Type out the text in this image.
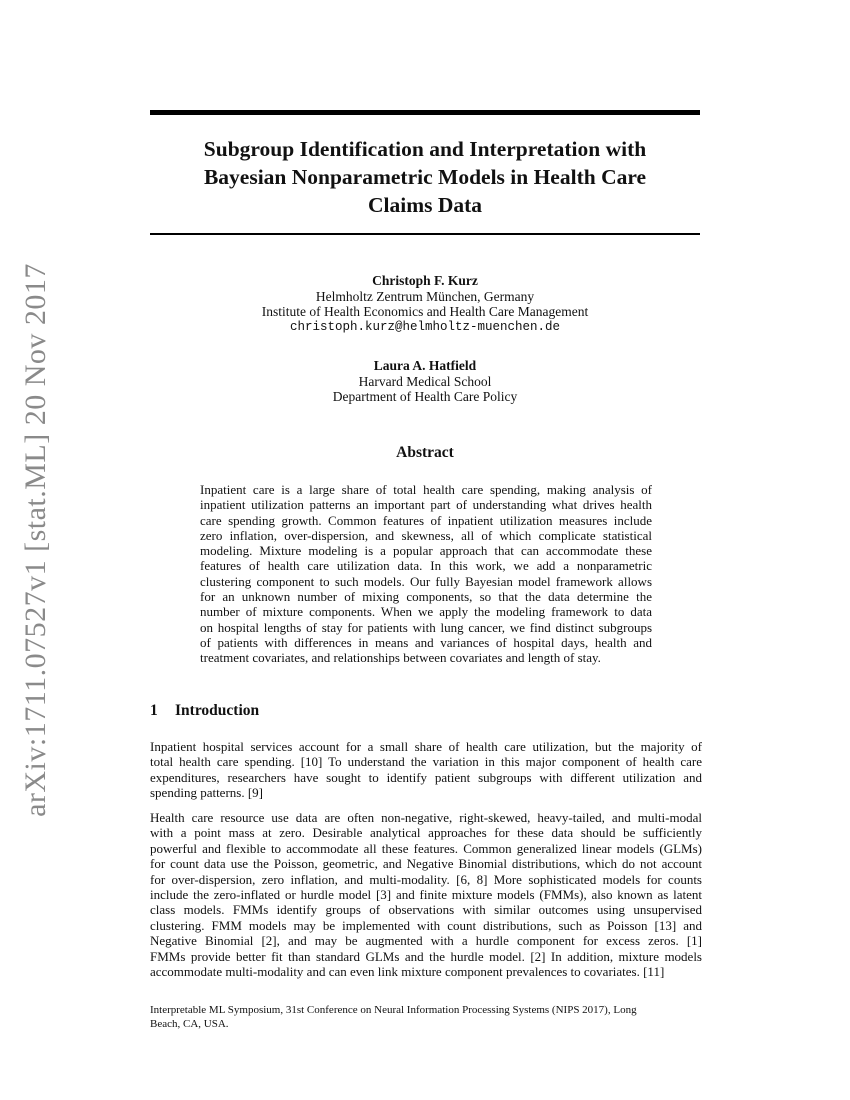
arXiv:1711.07527v1 [stat.ML] 20 Nov 2017
Subgroup Identification and Interpretation with
Bayesian Nonparametric Models in Health Care
Claims Data
Christoph F. Kurz
Helmholtz Zentrum München, Germany
Institute of Health Economics and Health Care Management
christoph.kurz@helmholtz-muenchen.de
Laura A. Hatfield
Harvard Medical School
Department of Health Care Policy
Abstract
Inpatient care is a large share of total health care spending, making analysis of
inpatient utilization patterns an important part of understanding what drives health
care spending growth. Common features of inpatient utilization measures include
zero inflation, over-dispersion, and skewness, all of which complicate statistical
modeling. Mixture modeling is a popular approach that can accommodate these
features of health care utilization data. In this work, we add a nonparametric
clustering component to such models. Our fully Bayesian model framework allows
for an unknown number of mixing components, so that the data determine the
number of mixture components. When we apply the modeling framework to data
on hospital lengths of stay for patients with lung cancer, we find distinct subgroups
of patients with differences in means and variances of hospital days, health and
treatment covariates, and relationships between covariates and length of stay.
1 Introduction
Inpatient hospital services account for a small share of health care utilization, but the majority of
total health care spending. [10] To understand the variation in this major component of health care
expenditures, researchers have sought to identify patient subgroups with different utilization and
spending patterns. [9]
Health care resource use data are often non-negative, right-skewed, heavy-tailed, and multi-modal
with a point mass at zero. Desirable analytical approaches for these data should be sufficiently
powerful and flexible to accommodate all these features. Common generalized linear models (GLMs)
for count data use the Poisson, geometric, and Negative Binomial distributions, which do not account
for over-dispersion, zero inflation, and multi-modality. [6, 8] More sophisticated models for counts
include the zero-inflated or hurdle model [3] and finite mixture models (FMMs), also known as latent
class models. FMMs identify groups of observations with similar outcomes using unsupervised
clustering. FMM models may be implemented with count distributions, such as Poisson [13] and
Negative Binomial [2], and may be augmented with a hurdle component for excess zeros. [1]
FMMs provide better fit than standard GLMs and the hurdle model. [2] In addition, mixture models
accommodate multi-modality and can even link mixture component prevalences to covariates. [11]
Interpretable ML Symposium, 31st Conference on Neural Information Processing Systems (NIPS 2017), Long
Beach, CA, USA.
